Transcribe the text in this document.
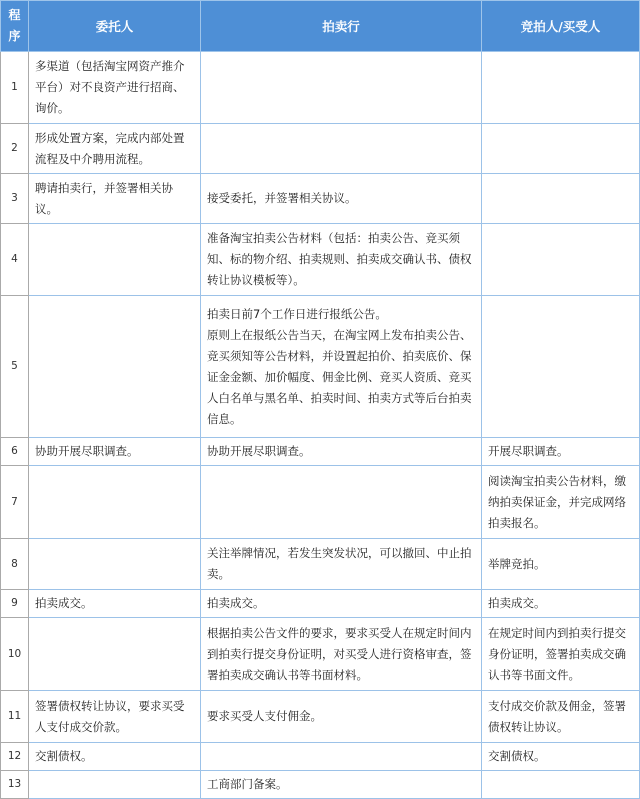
程
序	委托人	拍卖行	竞拍人/买受人
1	多渠道（包括淘宝网资产推介平台）对不良资产进行招商、询价。		
2	形成处置方案，完成内部处置流程及中介聘用流程。		
3	聘请拍卖行，并签署相关协议。	接受委托，并签署相关协议。	
4		准备淘宝拍卖公告材料（包括：拍卖公告、竞买须知、标的物介绍、拍卖规则、拍卖成交确认书、债权转让协议模板等）。	
5		拍卖日前7个工作日进行报纸公告。
原则上在报纸公告当天，在淘宝网上发布拍卖公告、竞买须知等公告材料，并设置起拍价、拍卖底价、保证金金额、加价幅度、佣金比例、竞买人资质、竞买人白名单与黑名单、拍卖时间、拍卖方式等后台拍卖信息。	
6	协助开展尽职调查。	协助开展尽职调查。	开展尽职调查。
7			阅读淘宝拍卖公告材料，缴纳拍卖保证金，并完成网络拍卖报名。
8		关注举牌情况，若发生突发状况，可以撤回、中止拍卖。	举牌竞拍。
9	拍卖成交。	拍卖成交。	拍卖成交。
10		根据拍卖公告文件的要求，要求买受人在规定时间内到拍卖行提交身份证明，对买受人进行资格审查，签署拍卖成交确认书等书面材料。	在规定时间内到拍卖行提交身份证明，签署拍卖成交确认书等书面文件。
11	签署债权转让协议，要求买受人支付成交价款。	要求买受人支付佣金。	支付成交价款及佣金，签署债权转让协议。
12	交割债权。		交割债权。
13		工商部门备案。	
